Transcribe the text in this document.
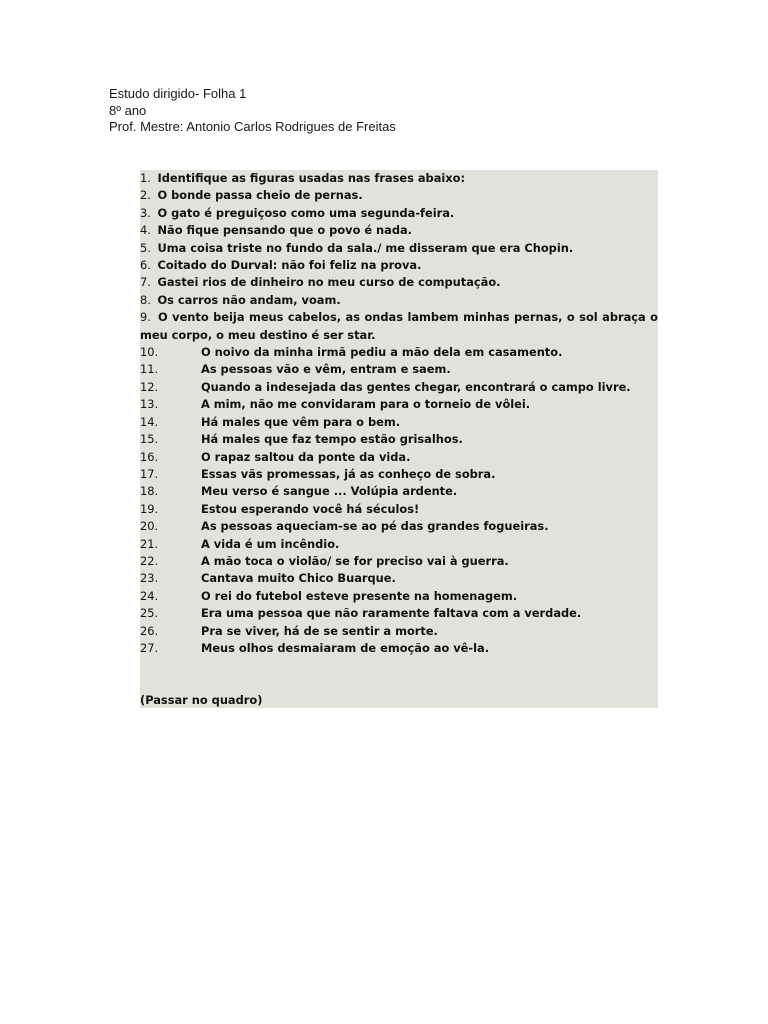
Estudo dirigido- Folha 1
8º ano
Prof. Mestre: Antonio Carlos Rodrigues de Freitas
1. Identifique as figuras usadas nas frases abaixo:
2. O bonde passa cheio de pernas.
3. O gato é preguiçoso como uma segunda-feira.
4. Não fique pensando que o povo é nada.
5. Uma coisa triste no fundo da sala./ me disseram que era Chopin.
6. Coitado do Durval: não foi feliz na prova.
7. Gastei rios de dinheiro no meu curso de computação.
8. Os carros não andam, voam.
9. O vento beija meus cabelos, as ondas lambem minhas pernas, o sol abraça o meu corpo, o meu destino é ser star.
10.	O noivo da minha irmã pediu a mão dela em casamento.
11.	As pessoas vão e vêm, entram e saem.
12.	Quando a indesejada das gentes chegar, encontrará o campo livre.
13.	A mim, não me convidaram para o torneio de vôlei.
14.	Há males que vêm para o bem.
15.	Há males que faz tempo estão grisalhos.
16.	O rapaz saltou da ponte da vida.
17.	Essas vãs promessas, já as conheço de sobra.
18.	Meu verso é sangue ... Volúpia ardente.
19.	Estou esperando você há séculos!
20.	As pessoas aqueciam-se ao pé das grandes fogueiras.
21.	A vida é um incêndio.
22.	A mão toca o violão/ se for preciso vai à guerra.
23.	Cantava muito Chico Buarque.
24.	O rei do futebol esteve presente na homenagem.
25.	Era uma pessoa que não raramente faltava com a verdade.
26.	Pra se viver, há de se sentir a morte.
27.	Meus olhos desmaiaram de emoção ao vê-la.
(Passar no quadro)
